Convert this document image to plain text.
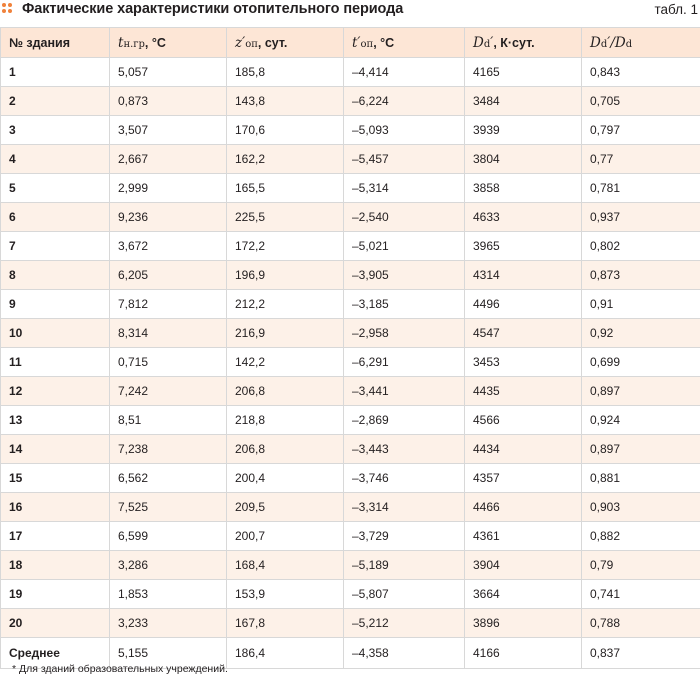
Фактические характеристики отопительного периода	табл. 1
№ здания	tн.гр, °С	z′оп, сут.	t′оп, °С	Dd′, К·сут.	Dd′/Dd
1	5,057	185,8	–4,414	4165	0,843
2	0,873	143,8	–6,224	3484	0,705
3	3,507	170,6	–5,093	3939	0,797
4	2,667	162,2	–5,457	3804	0,77
5	2,999	165,5	–5,314	3858	0,781
6	9,236	225,5	–2,540	4633	0,937
7	3,672	172,2	–5,021	3965	0,802
8	6,205	196,9	–3,905	4314	0,873
9	7,812	212,2	–3,185	4496	0,91
10	8,314	216,9	–2,958	4547	0,92
11	0,715	142,2	–6,291	3453	0,699
12	7,242	206,8	–3,441	4435	0,897
13	8,51	218,8	–2,869	4566	0,924
14	7,238	206,8	–3,443	4434	0,897
15	6,562	200,4	–3,746	4357	0,881
16	7,525	209,5	–3,314	4466	0,903
17	6,599	200,7	–3,729	4361	0,882
18	3,286	168,4	–5,189	3904	0,79
19	1,853	153,9	–5,807	3664	0,741
20	3,233	167,8	–5,212	3896	0,788
Среднее	5,155	186,4	–4,358	4166	0,837
* Для зданий образовательных учреждений.
